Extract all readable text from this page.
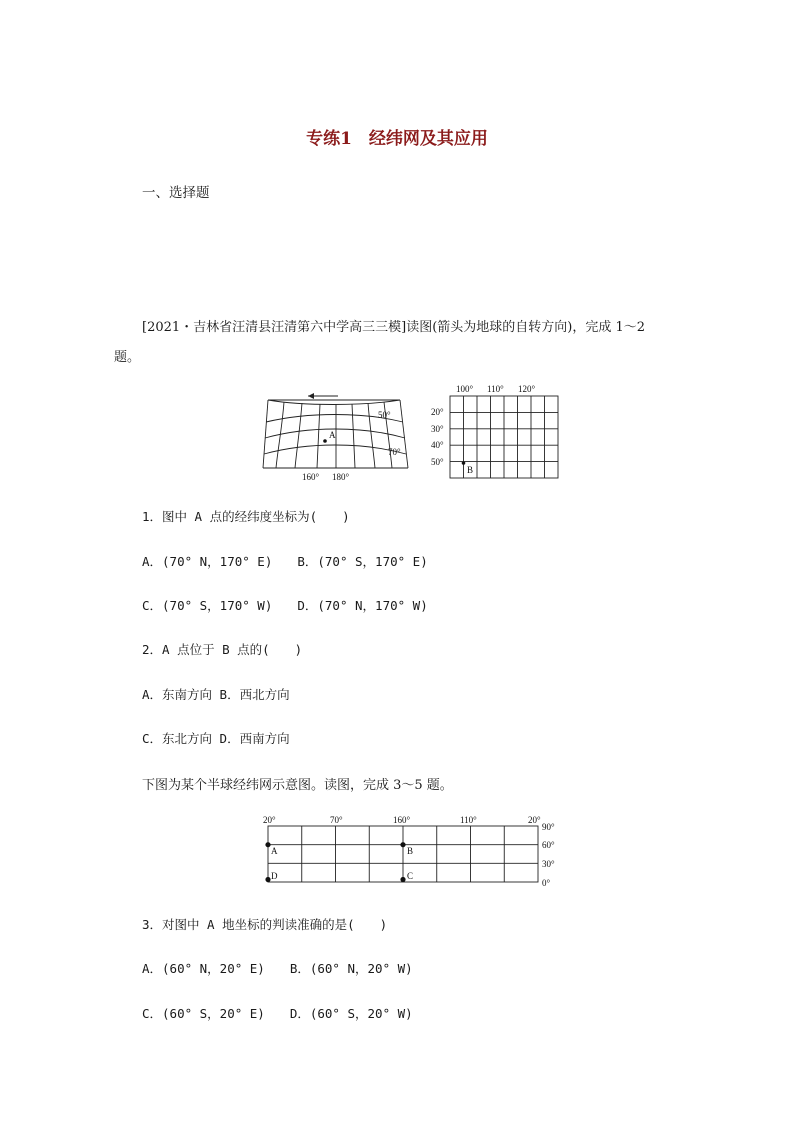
专练1　经纬网及其应用
一、选择题
[2021・吉林省汪清县汪清第六中学高三三模]读图(箭头为地球的自转方向)，完成 1～2
题。
A
50°
70°
160° 180°
B
100° 110° 120°
20°
30°
40°
50°
1．图中 A 点的经纬度坐标为(　　)
A．(70° N，170° E)　　B．(70° S，170° E)
C．(70° S，170° W)　　D．(70° N，170° W)
2．A 点位于 B 点的(　　)
A．东南方向 B．西北方向
C．东北方向 D．西南方向
下图为某个半球经纬网示意图。读图，完成 3～5 题。
A	B
D	C
20°	70°	160°	110°	20°
90°
60°
30°
0°
3．对图中 A 地坐标的判读准确的是(　　)
A．(60° N，20° E)　　B．(60° N，20° W)
C．(60° S，20° E)　　D．(60° S，20° W)
